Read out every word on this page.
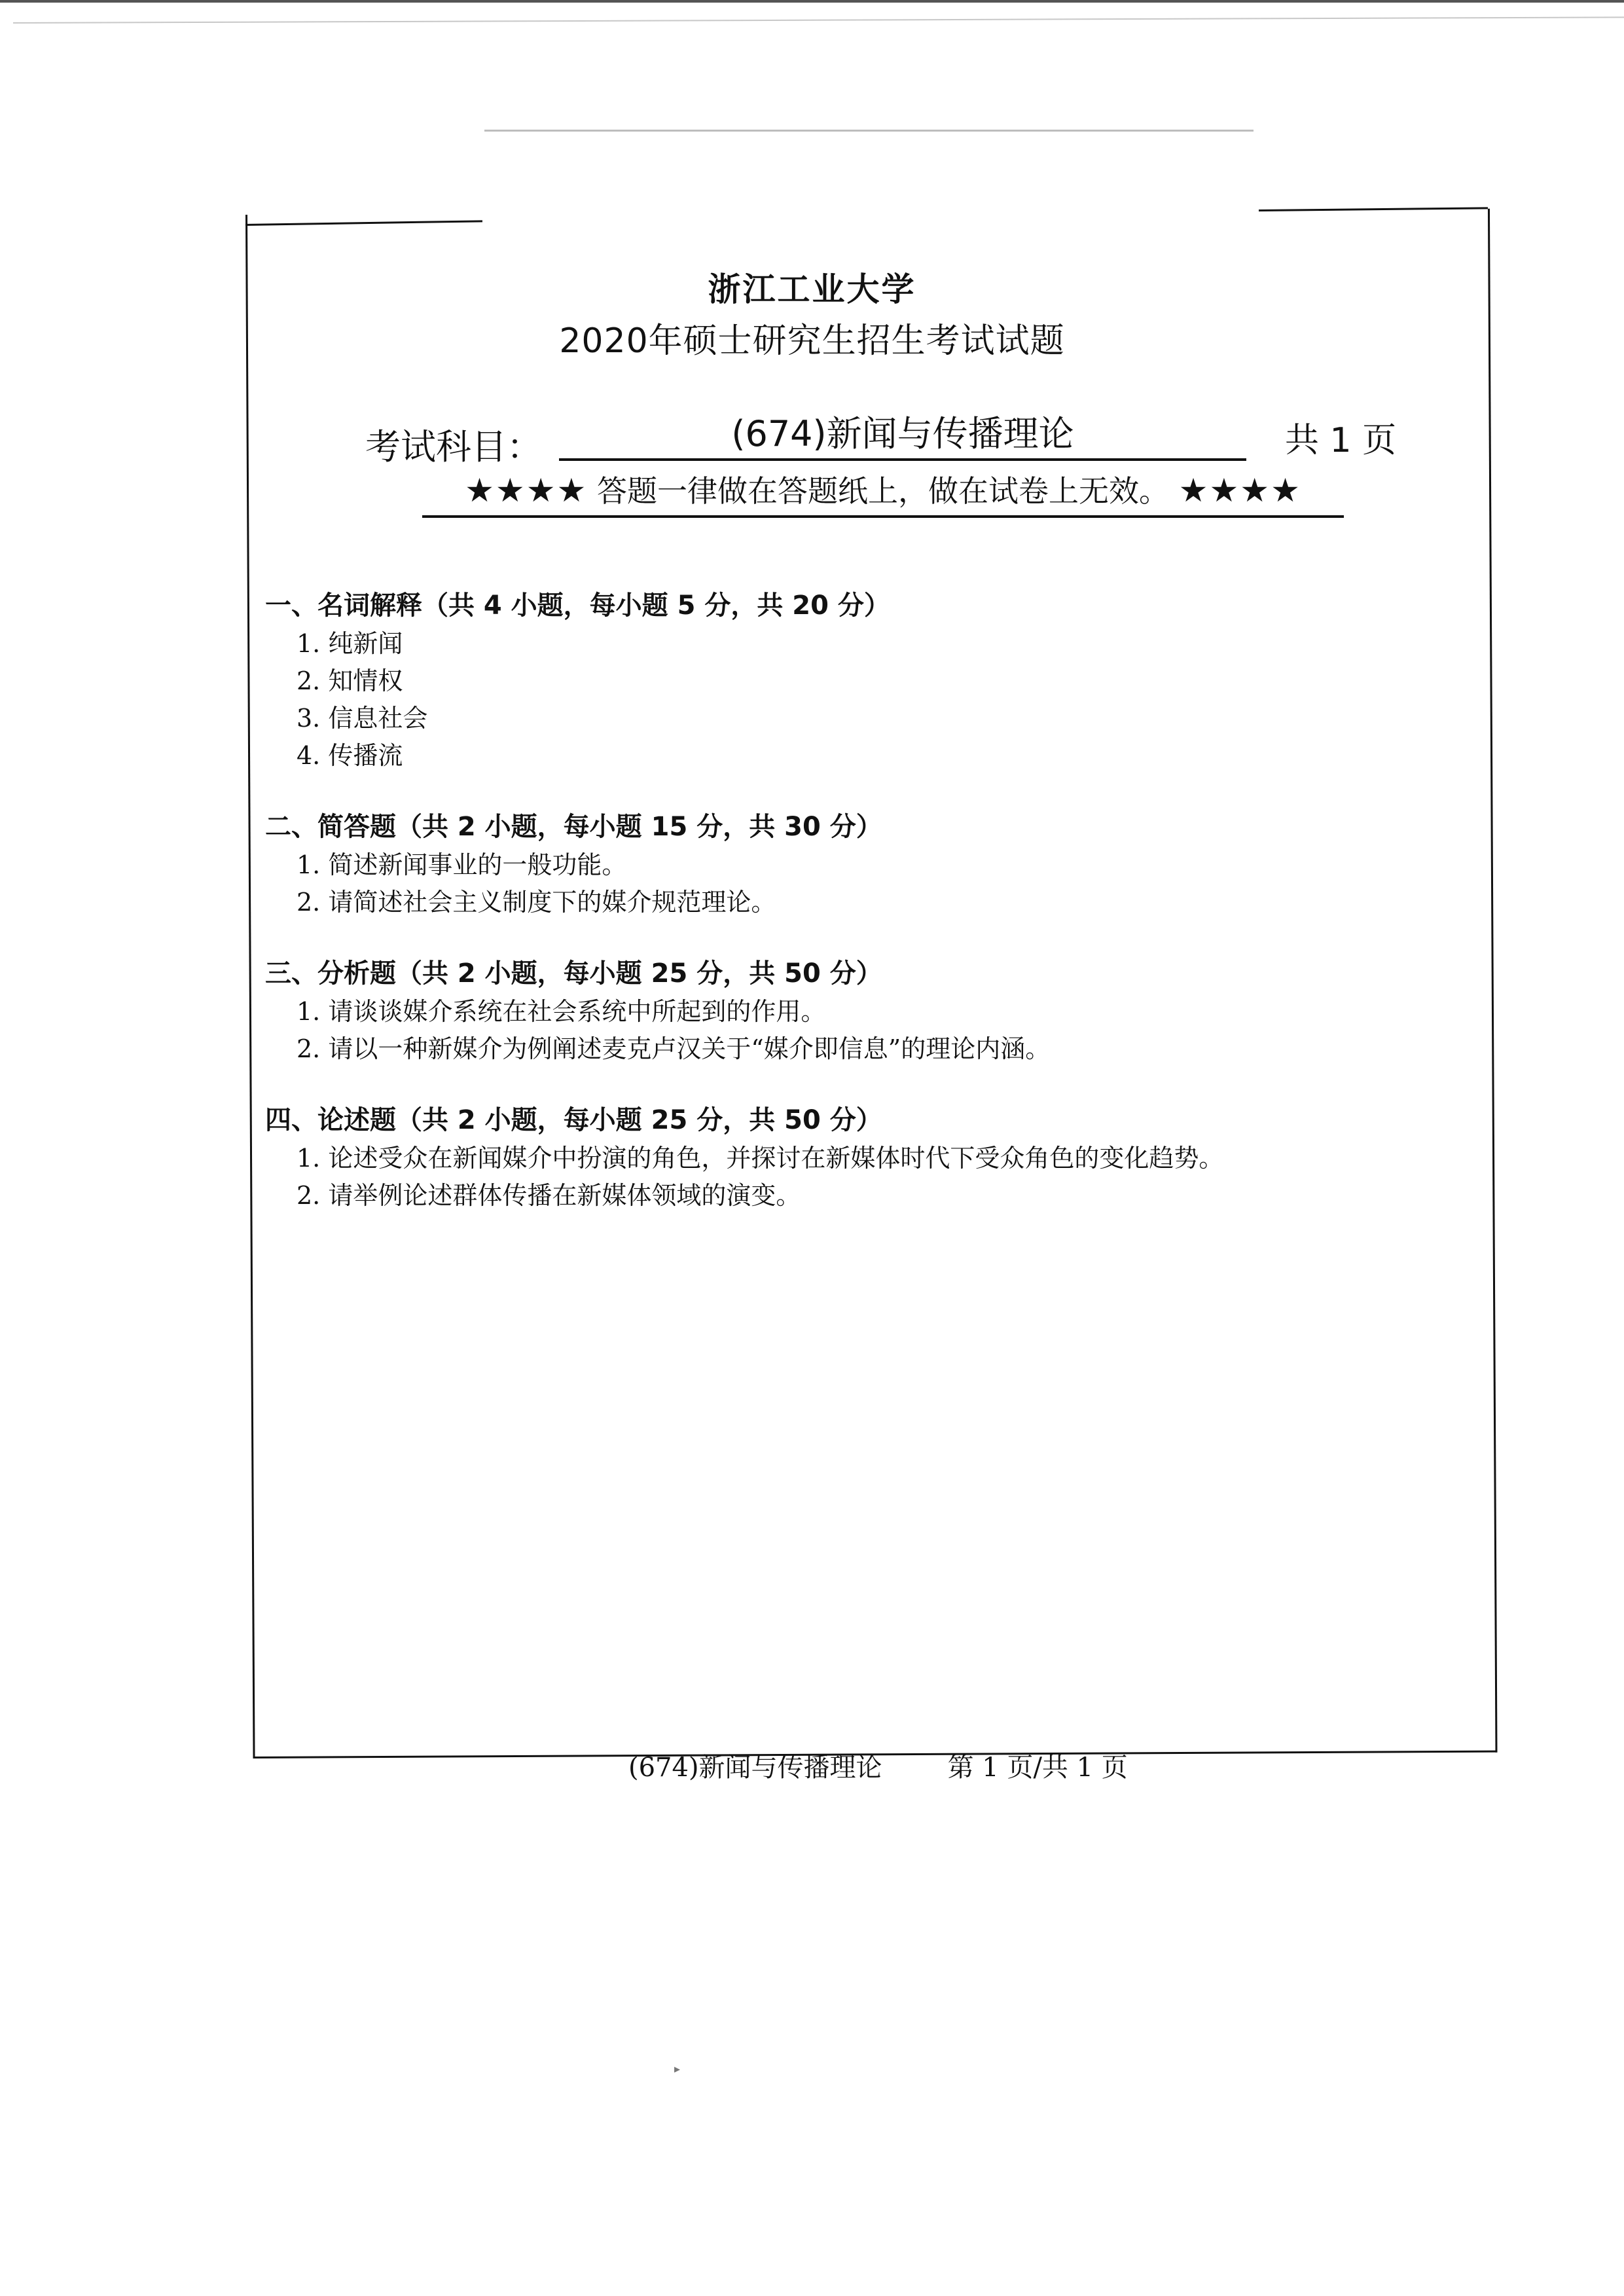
浙江工业大学
2020年硕士研究生招生考试试题
考试科目：	(674)新闻与传播理论	共 1 页
★★★★ 答题一律做在答题纸上，做在试卷上无效。 ★★★★
一、名词解释（共 4 小题，每小题 5 分，共 20 分）
1. 纯新闻
2. 知情权
3. 信息社会
4. 传播流
二、简答题（共 2 小题，每小题 15 分，共 30 分）
1. 简述新闻事业的一般功能。
2. 请简述社会主义制度下的媒介规范理论。
三、分析题（共 2 小题，每小题 25 分，共 50 分）
1. 请谈谈媒介系统在社会系统中所起到的作用。
2. 请以一种新媒介为例阐述麦克卢汉关于“媒介即信息”的理论内涵。
四、论述题（共 2 小题，每小题 25 分，共 50 分）
1. 论述受众在新闻媒介中扮演的角色，并探讨在新媒体时代下受众角色的变化趋势。
2. 请举例论述群体传播在新媒体领域的演变。
(674)新闻与传播理论	第 1 页/共 1 页
▸
